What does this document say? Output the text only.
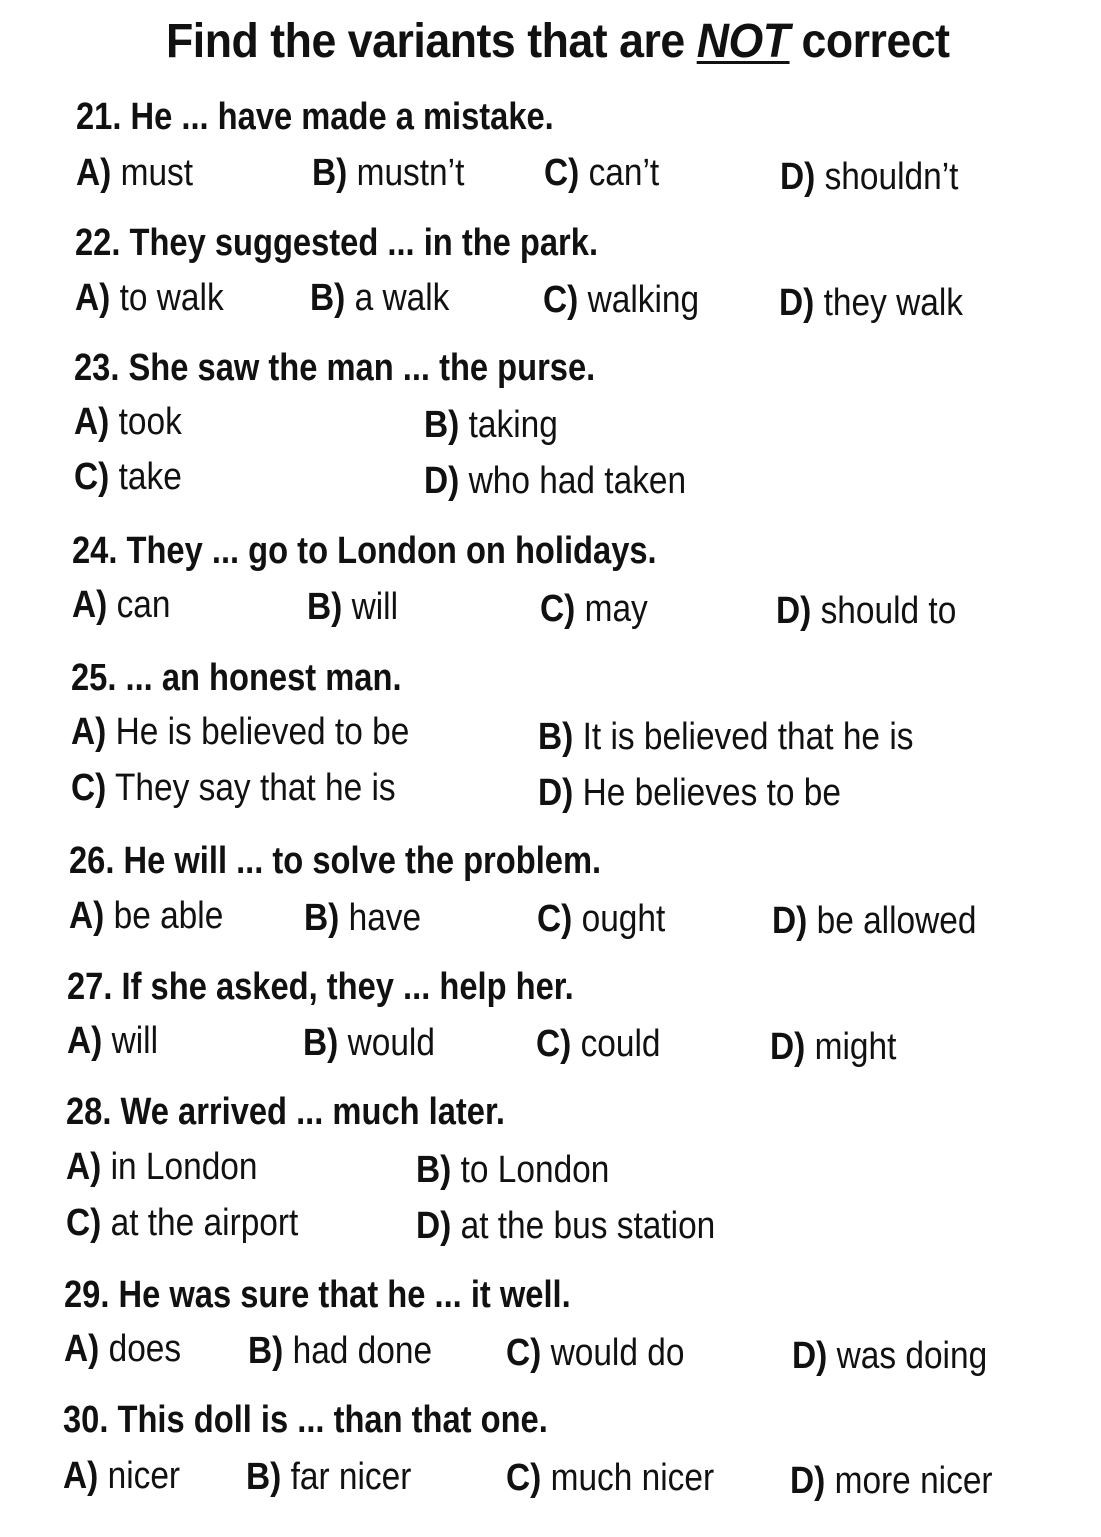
Find the variants that are NOT correct
21. He ... have made a mistake.
A) must	B) mustn’t C) can’t	D) shouldn’t
22. They suggested ... in the park.
A) to walk B) a walk C) walking D) they walk
23. She saw the man ... the purse.
A) took	B) taking
C) take	D) who had taken
24. They ... go to London on holidays.
A) can	B) will	C) may	D) should to
25. ... an honest man.
A) He is believed to be	B) It is believed that he is
C) They say that he is	D) He believes to be
26. He will ... to solve the problem.
A) be able B) have	C) ought	D) be allowed
27. If she asked, they ... help her.
A) will	B) would	C) could	D) might
28. We arrived ... much later.
A) in London	B) to London
C) at the airport	D) at the bus station
29. He was sure that he ... it well.
A) does B) had done C) would do	D) was doing
30. This doll is ... than that one.
A) nicer B) far nicer C) much nicer D) more nicer
